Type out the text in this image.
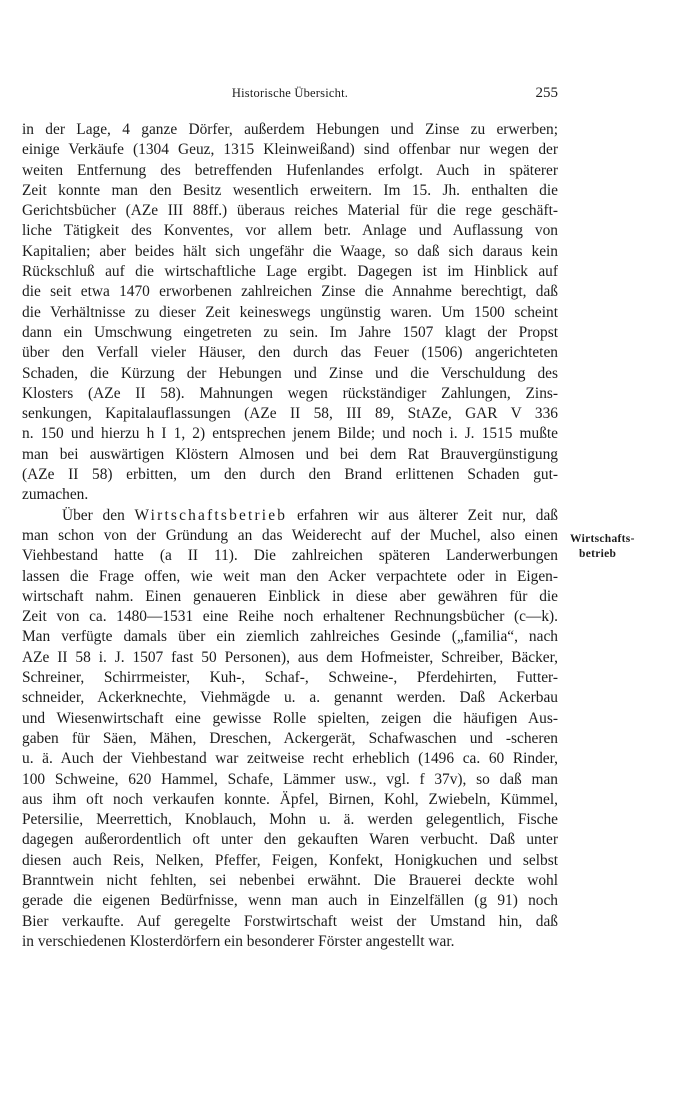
Historische Übersicht.	255
Wirtschafts-
betrieb
in der Lage, 4 ganze Dörfer, außerdem Hebungen und Zinse zu erwerben;
einige Verkäufe (1304 Geuz, 1315 Kleinweißand) sind offenbar nur wegen der
weiten Entfernung des betreffenden Hufenlandes erfolgt. Auch in späterer
Zeit konnte man den Besitz wesentlich erweitern. Im 15. Jh. enthalten die
Gerichtsbücher (AZe III 88ff.) überaus reiches Material für die rege geschäft-
liche Tätigkeit des Konventes, vor allem betr. Anlage und Auflassung von
Kapitalien; aber beides hält sich ungefähr die Waage, so daß sich daraus kein
Rückschluß auf die wirtschaftliche Lage ergibt. Dagegen ist im Hinblick auf
die seit etwa 1470 erworbenen zahlreichen Zinse die Annahme berechtigt, daß
die Verhältnisse zu dieser Zeit keineswegs ungünstig waren. Um 1500 scheint
dann ein Umschwung eingetreten zu sein. Im Jahre 1507 klagt der Propst
über den Verfall vieler Häuser, den durch das Feuer (1506) angerichteten
Schaden, die Kürzung der Hebungen und Zinse und die Verschuldung des
Klosters (AZe II 58). Mahnungen wegen rückständiger Zahlungen, Zins-
senkungen, Kapitalauflassungen (AZe II 58, III 89, StAZe, GAR V 336
n. 150 und hierzu h I 1, 2) entsprechen jenem Bilde; und noch i. J. 1515 mußte
man bei auswärtigen Klöstern Almosen und bei dem Rat Brauvergünstigung
(AZe II 58) erbitten, um den durch den Brand erlittenen Schaden gut-
zumachen.
Über den Wirtschaftsbetrieb erfahren wir aus älterer Zeit nur, daß
man schon von der Gründung an das Weiderecht auf der Muchel, also einen
Viehbestand hatte (a II 11). Die zahlreichen späteren Landerwerbungen
lassen die Frage offen, wie weit man den Acker verpachtete oder in Eigen-
wirtschaft nahm. Einen genaueren Einblick in diese aber gewähren für die
Zeit von ca. 1480—1531 eine Reihe noch erhaltener Rechnungsbücher (c—k).
Man verfügte damals über ein ziemlich zahlreiches Gesinde („familia“, nach
AZe II 58 i. J. 1507 fast 50 Personen), aus dem Hofmeister, Schreiber, Bäcker,
Schreiner, Schirrmeister, Kuh-, Schaf-, Schweine-, Pferdehirten, Futter-
schneider, Ackerknechte, Viehmägde u. a. genannt werden. Daß Ackerbau
und Wiesenwirtschaft eine gewisse Rolle spielten, zeigen die häufigen Aus-
gaben für Säen, Mähen, Dreschen, Ackergerät, Schafwaschen und -scheren
u. ä. Auch der Viehbestand war zeitweise recht erheblich (1496 ca. 60 Rinder,
100 Schweine, 620 Hammel, Schafe, Lämmer usw., vgl. f 37v), so daß man
aus ihm oft noch verkaufen konnte. Äpfel, Birnen, Kohl, Zwiebeln, Kümmel,
Petersilie, Meerrettich, Knoblauch, Mohn u. ä. werden gelegentlich, Fische
dagegen außerordentlich oft unter den gekauften Waren verbucht. Daß unter
diesen auch Reis, Nelken, Pfeffer, Feigen, Konfekt, Honigkuchen und selbst
Branntwein nicht fehlten, sei nebenbei erwähnt. Die Brauerei deckte wohl
gerade die eigenen Bedürfnisse, wenn man auch in Einzelfällen (g 91) noch
Bier verkaufte. Auf geregelte Forstwirtschaft weist der Umstand hin, daß
in verschiedenen Klosterdörfern ein besonderer Förster angestellt war.
